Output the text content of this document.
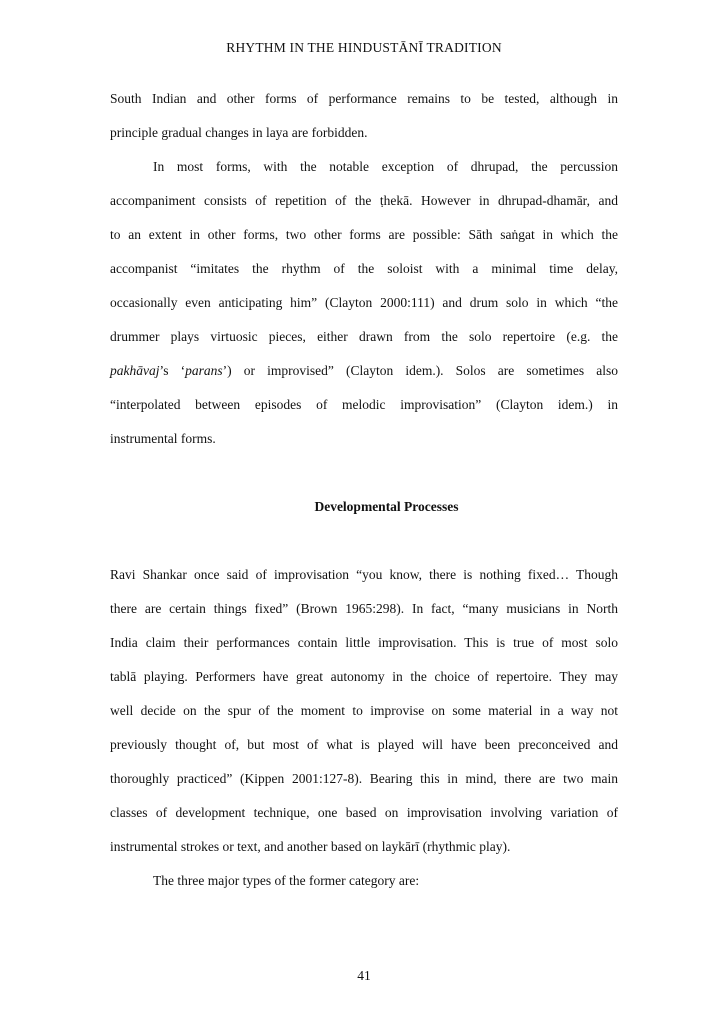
RHYTHM IN THE HINDUSTĀNĪ TRADITION
South Indian and other forms of performance remains to be tested, although in
principle gradual changes in laya are forbidden.
In most forms, with the notable exception of dhrupad, the percussion
accompaniment consists of repetition of the ṭhekā. However in dhrupad-dhamār, and
to an extent in other forms, two other forms are possible: Sāth saṅgat in which the
accompanist “imitates the rhythm of the soloist with a minimal time delay,
occasionally even anticipating him” (Clayton 2000:111) and drum solo in which “the
drummer plays virtuosic pieces, either drawn from the solo repertoire (e.g. the
pakhāvaj’s ‘parans’) or improvised” (Clayton idem.). Solos are sometimes also
“interpolated between episodes of melodic improvisation” (Clayton idem.) in
instrumental forms.
Developmental Processes
Ravi Shankar once said of improvisation “you know, there is nothing fixed… Though
there are certain things fixed” (Brown 1965:298). In fact, “many musicians in North
India claim their performances contain little improvisation. This is true of most solo
tablā playing. Performers have great autonomy in the choice of repertoire. They may
well decide on the spur of the moment to improvise on some material in a way not
previously thought of, but most of what is played will have been preconceived and
thoroughly practiced” (Kippen 2001:127-8). Bearing this in mind, there are two main
classes of development technique, one based on improvisation involving variation of
instrumental strokes or text, and another based on laykārī (rhythmic play).
The three major types of the former category are:
41
